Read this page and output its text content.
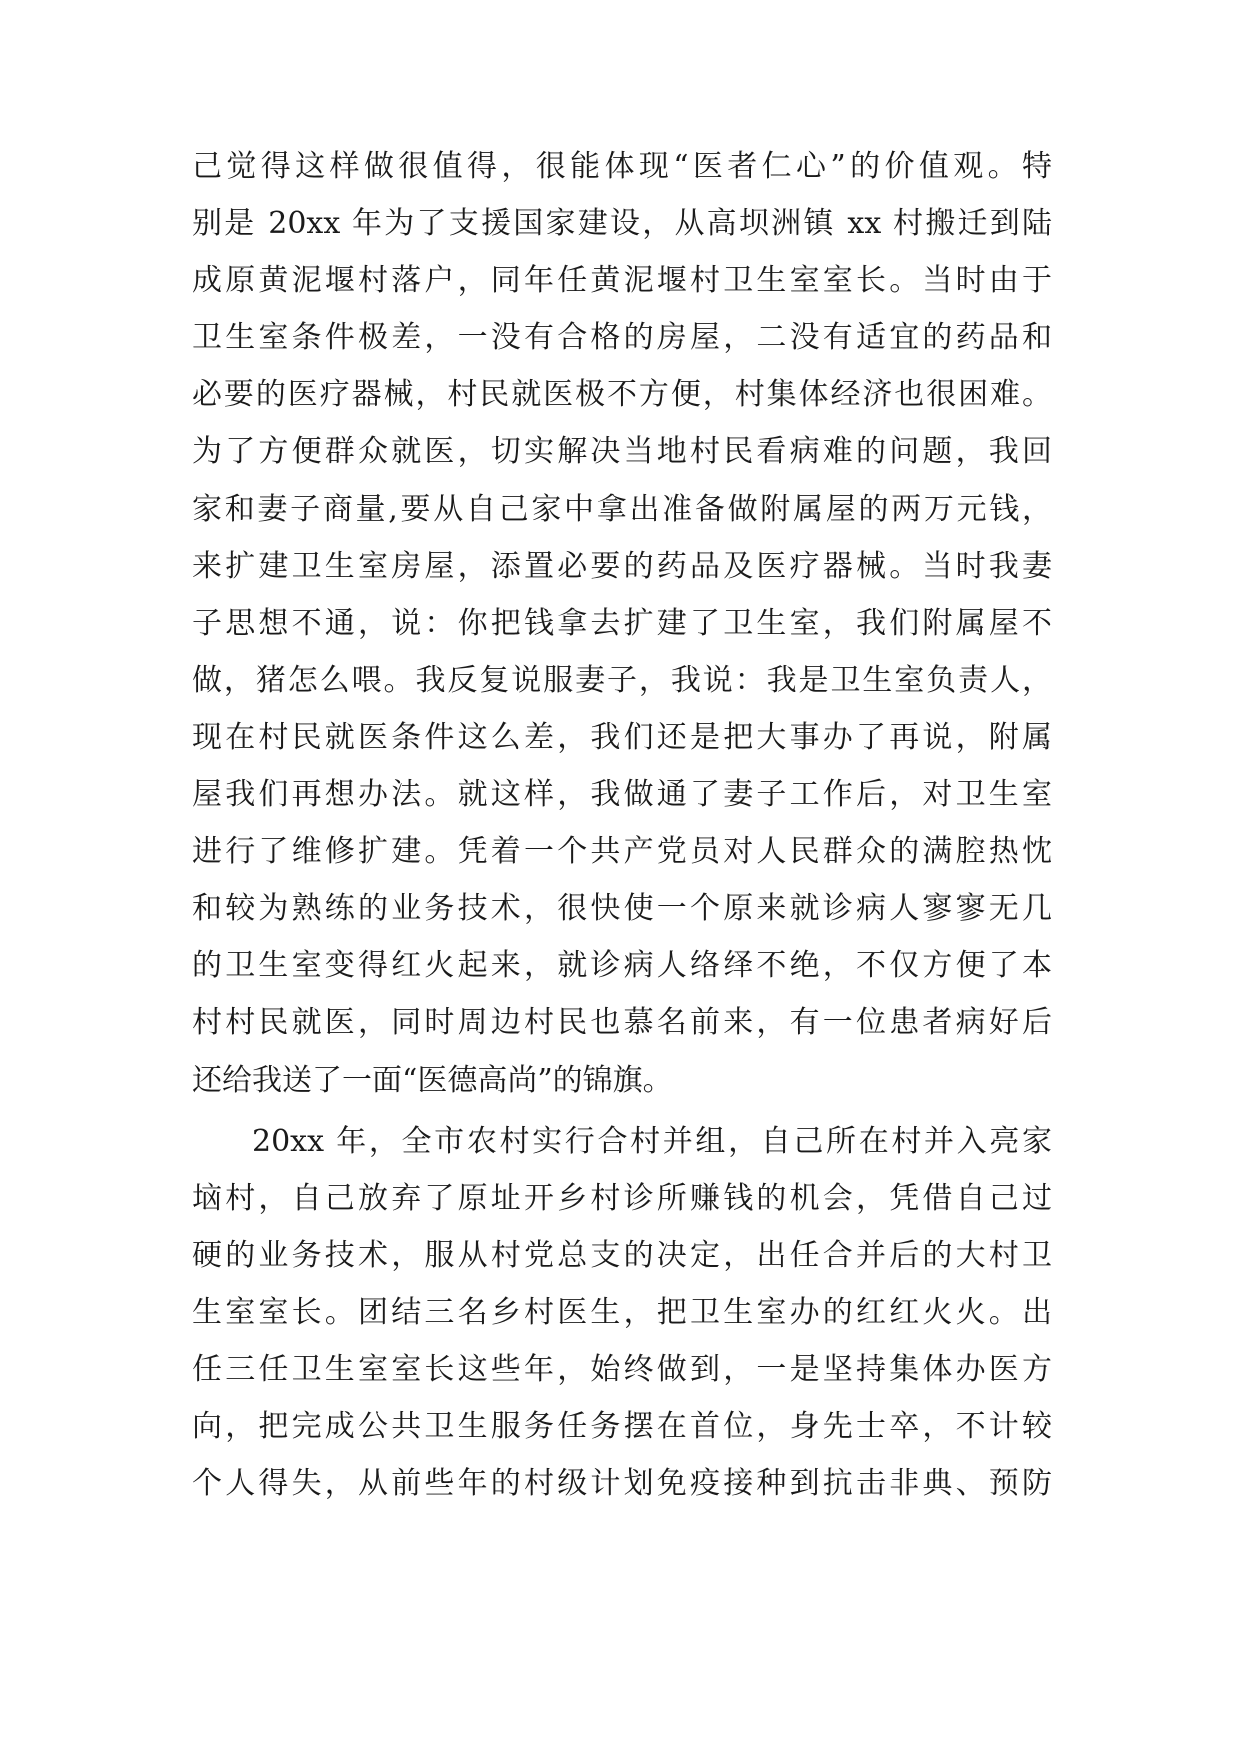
己觉得这样做很值得，很能体现“医者仁心”的价值观。特
别是 20xx 年为了支援国家建设，从高坝洲镇 xx 村搬迁到陆
成原黄泥堰村落户，同年任黄泥堰村卫生室室长。当时由于
卫生室条件极差，一没有合格的房屋，二没有适宜的药品和
必要的医疗器械，村民就医极不方便，村集体经济也很困难。
为了方便群众就医，切实解决当地村民看病难的问题，我回
家和妻子商量,要从自己家中拿出准备做附属屋的两万元钱，
来扩建卫生室房屋，添置必要的药品及医疗器械。当时我妻
子思想不通，说：你把钱拿去扩建了卫生室，我们附属屋不
做，猪怎么喂。我反复说服妻子，我说：我是卫生室负责人，
现在村民就医条件这么差，我们还是把大事办了再说，附属
屋我们再想办法。就这样，我做通了妻子工作后，对卫生室
进行了维修扩建。凭着一个共产党员对人民群众的满腔热忱
和较为熟练的业务技术，很快使一个原来就诊病人寥寥无几
的卫生室变得红火起来，就诊病人络绎不绝，不仅方便了本
村村民就医，同时周边村民也慕名前来，有一位患者病好后
还给我送了一面“医德高尚”的锦旗。
20xx 年，全市农村实行合村并组，自己所在村并入亮家
垴村，自己放弃了原址开乡村诊所赚钱的机会，凭借自己过
硬的业务技术，服从村党总支的决定，出任合并后的大村卫
生室室长。团结三名乡村医生，把卫生室办的红红火火。出
任三任卫生室室长这些年，始终做到，一是坚持集体办医方
向，把完成公共卫生服务任务摆在首位，身先士卒，不计较
个人得失，从前些年的村级计划免疫接种到抗击非典、预防
